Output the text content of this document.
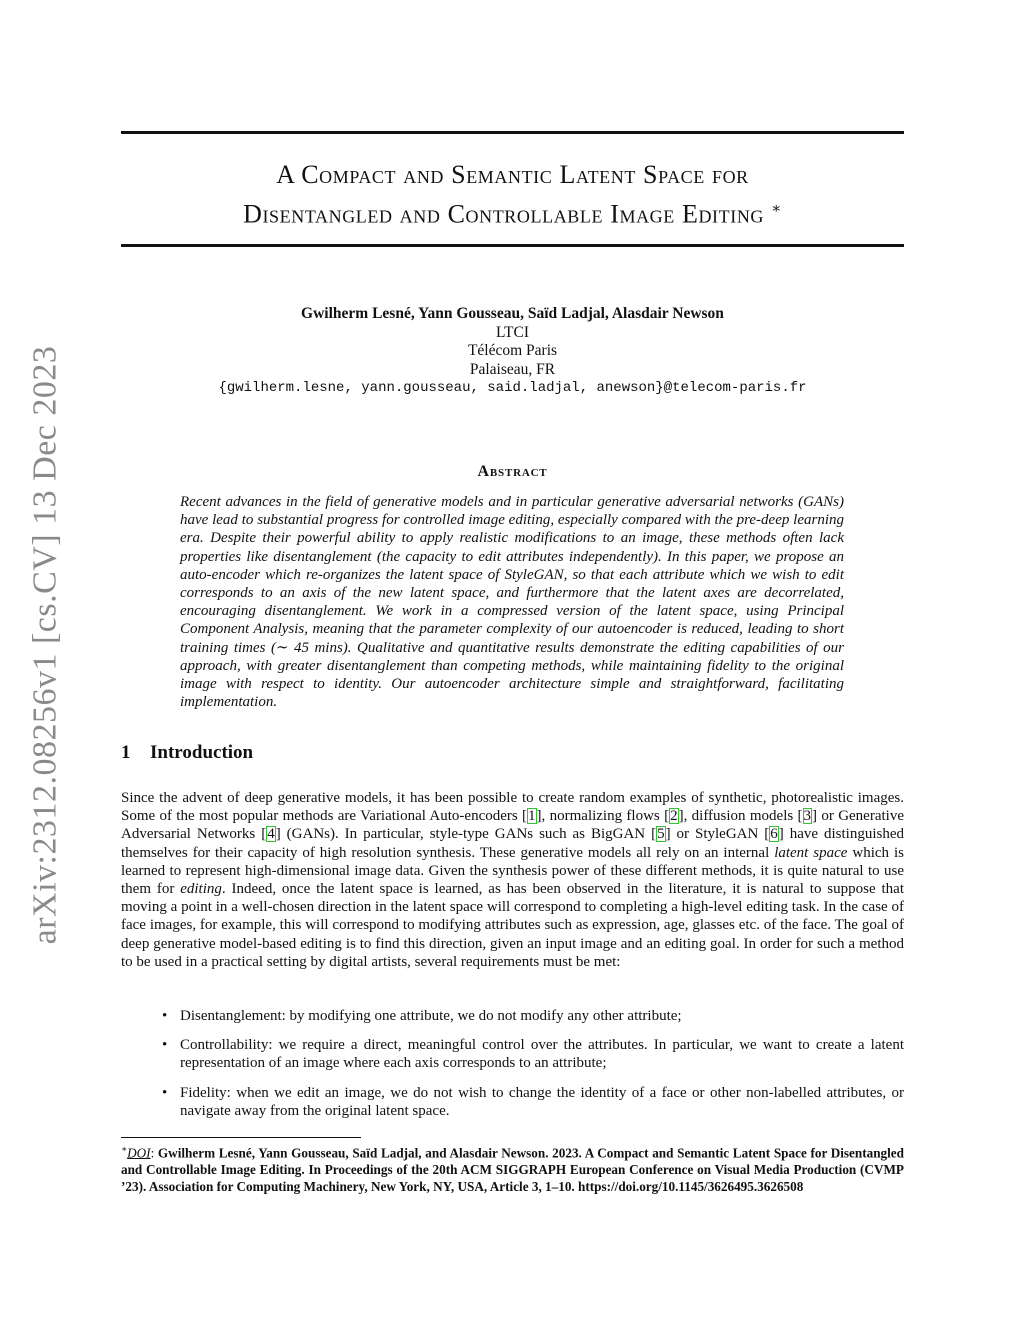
arXiv:2312.08256v1 [cs.CV] 13 Dec 2023
A Compact and Semantic Latent Space for
Disentangled and Controllable Image Editing ∗
Gwilherm Lesné, Yann Gousseau, Saïd Ladjal, Alasdair Newson
LTCI
Télécom Paris
Palaiseau, FR
{gwilherm.lesne, yann.gousseau, said.ladjal, anewson}@telecom-paris.fr
Abstract
Recent advances in the field of generative models and in particular generative adversarial networks (GANs) have lead to substantial progress for controlled image editing, especially compared with the pre-deep learning era. Despite their powerful ability to apply realistic modifications to an image, these methods often lack properties like disentanglement (the capacity to edit attributes independently). In this paper, we propose an auto-encoder which re-organizes the latent space of StyleGAN, so that each attribute which we wish to edit corresponds to an axis of the new latent space, and furthermore that the latent axes are decorrelated, encouraging disentanglement. We work in a compressed version of the latent space, using Principal Component Analysis, meaning that the parameter complexity of our autoencoder is reduced, leading to short training times (∼ 45 mins). Qualitative and quantitative results demonstrate the editing capabilities of our approach, with greater disentanglement than competing methods, while maintaining fidelity to the original image with respect to identity. Our autoencoder architecture simple and straightforward, facilitating implementation.
1 Introduction

Since the advent of deep generative models, it has been possible to create random examples of synthetic, photorealistic images. Some of the most popular methods are Variational Auto-encoders [1], normalizing flows [2], diffusion models [3] or Generative Adversarial Networks [4] (GANs). In particular, style-type GANs such as BigGAN [5] or StyleGAN [6] have distinguished themselves for their capacity of high resolution synthesis. These generative models all rely on an internal latent space which is learned to represent high-dimensional image data. Given the synthesis power of these different methods, it is quite natural to use them for editing. Indeed, once the latent space is learned, as has been observed in the literature, it is natural to suppose that moving a point in a well-chosen direction in the latent space will correspond to completing a high-level editing task. In the case of face images, for example, this will correspond to modifying attributes such as expression, age, glasses etc. of the face. The goal of deep generative model-based editing is to find this direction, given an input image and an editing goal. In order for such a method to be used in a practical setting by digital artists, several requirements must be met:

• Disentanglement: by modifying one attribute, we do not modify any other attribute;
• Controllability: we require a direct, meaningful control over the attributes. In particular, we want to create a latent representation of an image where each axis corresponds to an attribute;
• Fidelity: when we edit an image, we do not wish to change the identity of a face or other non-labelled attributes, or navigate away from the original latent space.
∗DOI: Gwilherm Lesné, Yann Gousseau, Saïd Ladjal, and Alasdair Newson. 2023. A Compact and Semantic Latent Space for Disentangled and Controllable Image Editing. In Proceedings of the 20th ACM SIGGRAPH European Conference on Visual Media Production (CVMP ’23). Association for Computing Machinery, New York, NY, USA, Article 3, 1–10. https://doi.org/10.1145/3626495.3626508
